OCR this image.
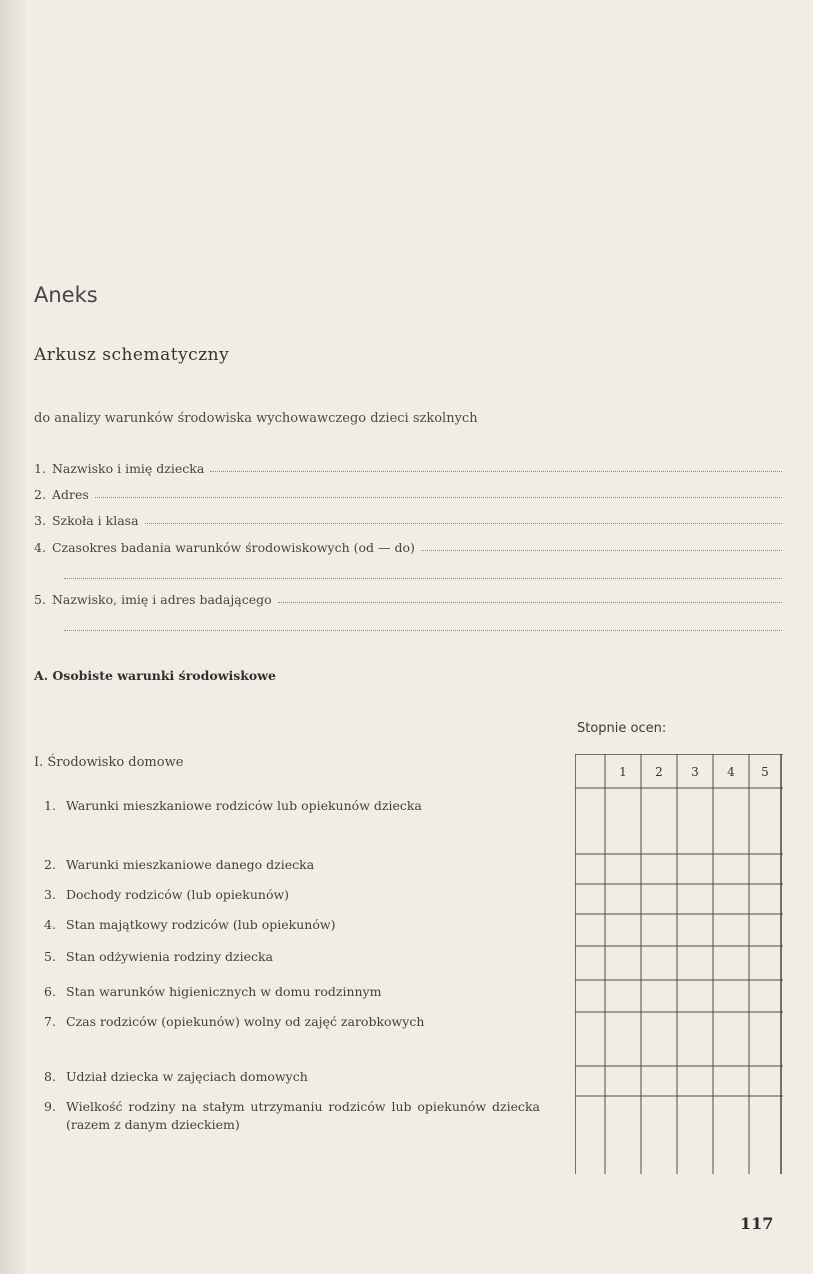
Aneks
Arkusz schematyczny
do analizy warunków środowiska wychowawczego dzieci szkolnych
1. Nazwisko i imię dziecka
2. Adres
3. Szkoła i klasa
4. Czasokres badania warunków środowiskowych (od — do)
5. Nazwisko, imię i adres badającego
A. Osobiste warunki środowiskowe
Stopnie ocen:
I. Środowisko domowe
1. Warunki mieszkaniowe rodziców lub opiekunów dziecka
2. Warunki mieszkaniowe danego dziecka
3. Dochody rodziców (lub opiekunów)
4. Stan majątkowy rodziców (lub opiekunów)
5. Stan odżywienia rodziny dziecka
6. Stan warunków higienicznych w domu rodzinnym
7. Czas rodziców (opiekunów) wolny od zajęć zarobkowych
8. Udział dziecka w zajęciach domowych
9. Wielkość rodziny na stałym utrzymaniu rodziców lub opiekunów dziecka (razem z danym dzieckiem)
1 2 3 4 5
117
